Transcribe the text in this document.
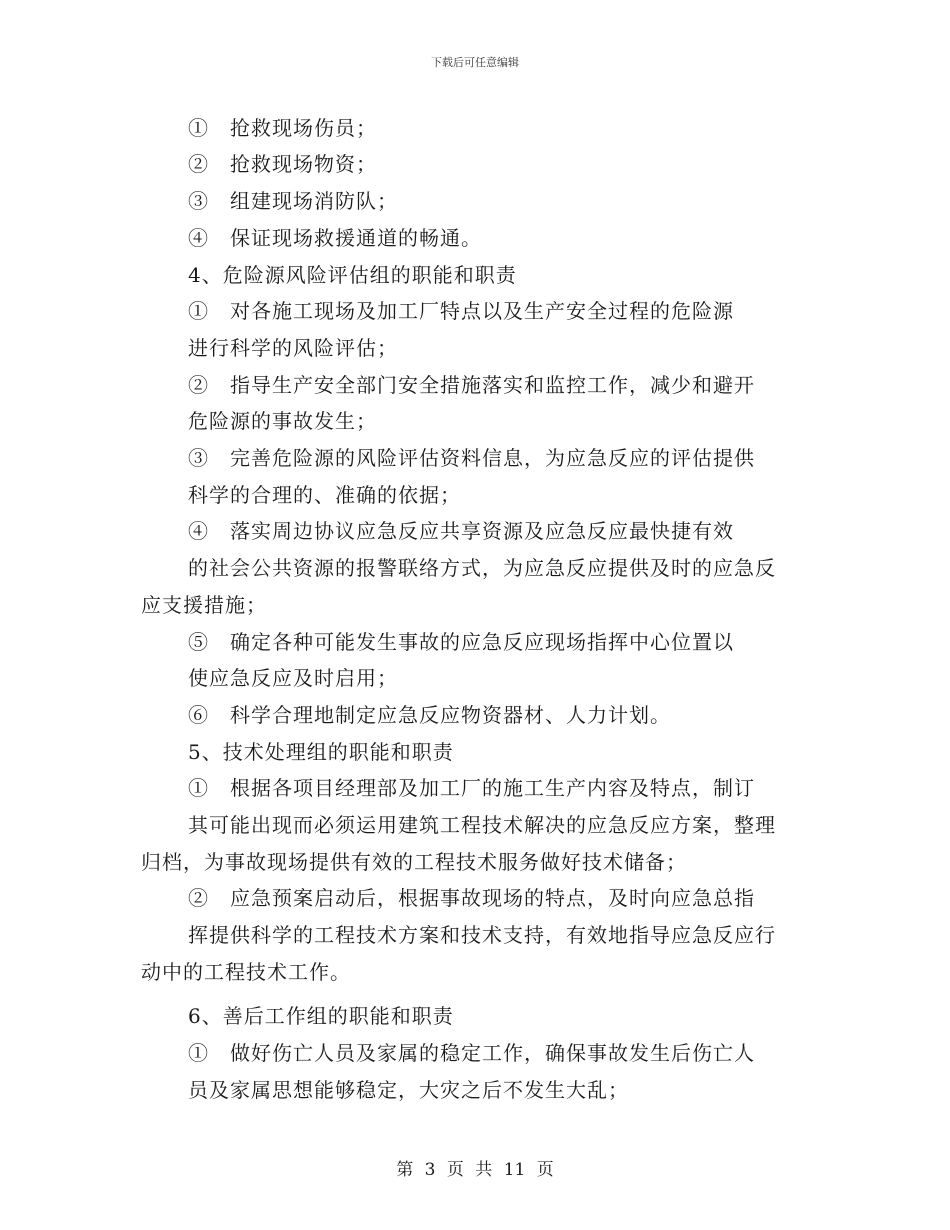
下载后可任意编辑
①　抢救现场伤员；
②　抢救现场物资；
③　组建现场消防队；
④　保证现场救援通道的畅通。
4、危险源风险评估组的职能和职责
①　对各施工现场及加工厂特点以及生产安全过程的危险源
进行科学的风险评估；
②　指导生产安全部门安全措施落实和监控工作，减少和避开
危险源的事故发生；
③　完善危险源的风险评估资料信息，为应急反应的评估提供
科学的合理的、准确的依据；
④　落实周边协议应急反应共享资源及应急反应最快捷有效
的社会公共资源的报警联络方式，为应急反应提供及时的应急反
应支援措施；
⑤　确定各种可能发生事故的应急反应现场指挥中心位置以
使应急反应及时启用；
⑥　科学合理地制定应急反应物资器材、人力计划。
5、技术处理组的职能和职责
①　根据各项目经理部及加工厂的施工生产内容及特点，制订
其可能出现而必须运用建筑工程技术解决的应急反应方案，整理
归档，为事故现场提供有效的工程技术服务做好技术储备；
②　应急预案启动后，根据事故现场的特点，及时向应急总指
挥提供科学的工程技术方案和技术支持，有效地指导应急反应行
动中的工程技术工作。
6、善后工作组的职能和职责
①　做好伤亡人员及家属的稳定工作，确保事故发生后伤亡人
员及家属思想能够稳定，大灾之后不发生大乱；
第 3 页 共 11 页
